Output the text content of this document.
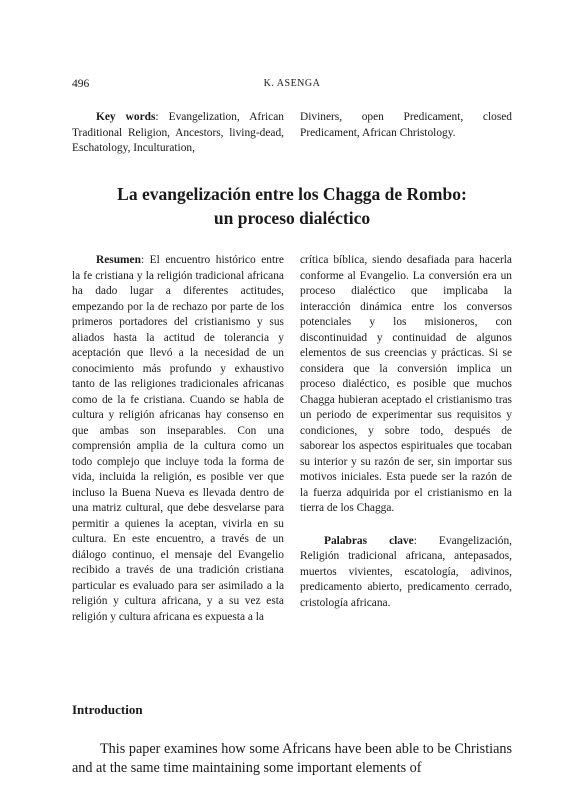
496	K. ASENGA

Key words: Evangelization, African Traditional Religion, Ancestors, living-dead, Eschatology, Inculturation,

Diviners, open Predicament, closed Predicament, African Christology.

La evangelización entre los Chagga de Rombo:
un proceso dialéctico

Resumen: El encuentro histórico entre la fe cristiana y la religión tradicional africana ha dado lugar a diferentes actitudes, empezando por la de rechazo por parte de los primeros portadores del cristianismo y sus aliados hasta la actitud de tolerancia y aceptación que llevó a la necesidad de un conocimiento más profundo y exhaustivo tanto de las religiones tradicionales africanas como de la fe cristiana. Cuando se habla de cultura y religión africanas hay consenso en que ambas son inseparables. Con una comprensión amplia de la cultura como un todo complejo que incluye toda la forma de vida, incluida la religión, es posible ver que incluso la Buena Nueva es llevada dentro de una matriz cultural, que debe desvelarse para permitir a quienes la aceptan, vivirla en su cultura. En este encuentro, a través de un diálogo continuo, el mensaje del Evangelio recibido a través de una tradición cristiana particular es evaluado para ser asimilado a la religión y cultura africana, y a su vez esta religión y cultura africana es expuesta a la

crítica bíblica, siendo desafiada para hacerla conforme al Evangelio. La conversión era un proceso dialéctico que implicaba la interacción dinámica entre los conversos potenciales y los misioneros, con discontinuidad y continuidad de algunos elementos de sus creencias y prácticas. Si se considera que la conversión implica un proceso dialéctico, es posible que muchos Chagga hubieran aceptado el cristianismo tras un periodo de experimentar sus requisitos y condiciones, y sobre todo, después de saborear los aspectos espirituales que tocaban su interior y su razón de ser, sin importar sus motivos iniciales. Esta puede ser la razón de la fuerza adquirida por el cristianismo en la tierra de los Chagga.

Palabras clave: Evangelización, Religión tradicional africana, antepasados, muertos vivientes, escatología, adivinos, predicamento abierto, predicamento cerrado, cristología africana.

Introduction

This paper examines how some Africans have been able to be Christians and at the same time maintaining some important elements of
